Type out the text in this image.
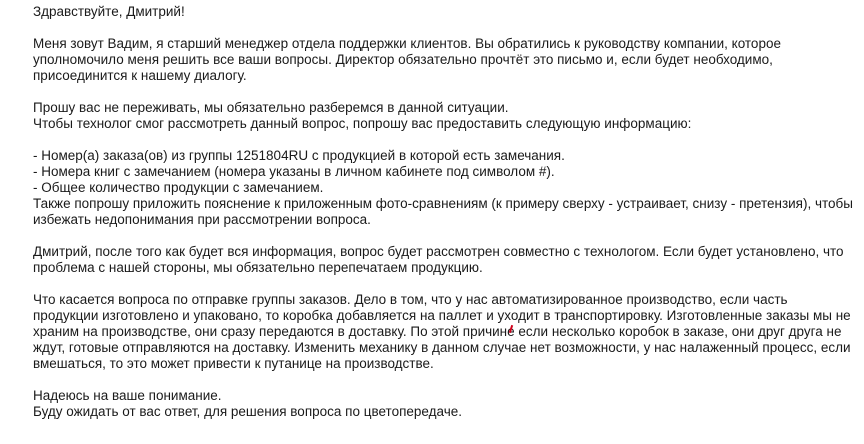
Здравствуйте, Дмитрий!

Меня зовут Вадим, я старший менеджер отдела поддержки клиентов. Вы обратились к руководству компании, которое уполномочило меня решить все ваши вопросы. Директор обязательно прочтёт это письмо и, если будет необходимо, присоединится к нашему диалогу.

Прошу вас не переживать, мы обязательно разберемся в данной ситуации.

Чтобы технолог смог рассмотреть данный вопрос, попрошу вас предоставить следующую информацию:

- Номер(а) заказа(ов) из группы 1251804RU с продукцией в которой есть замечания.
- Номера книг с замечанием (номера указаны в личном кабинете под символом #).
- Общее количество продукции с замечанием.

Также попрошу приложить пояснение к приложенным фото-сравнениям (к примеру сверху - устраивает, снизу - претензия), чтобы избежать недопонимания при рассмотрении вопроса.

Дмитрий, после того как будет вся информация, вопрос будет рассмотрен совместно с технологом. Если будет установлено, что проблема с нашей стороны, мы обязательно перепечатаем продукцию.

Что касается вопроса по отправке группы заказов. Дело в том, что у нас автоматизированное производство, если часть продукции изготовлено и упаковано, то коробка добавляется на паллет и уходит в транспортировку. Изготовленные заказы мы не храним на производстве, они сразу передаются в доставку. По этой причине если несколько коробок в заказе, они друг друга не ждут, готовые отправляются на доставку. Изменить механику в данном случае нет возможности, у нас налаженный процесс, если вмешаться, то это может привести к путанице на производстве.

Надеюсь на ваше понимание.

Буду ожидать от вас ответ, для решения вопроса по цветопередаче.
